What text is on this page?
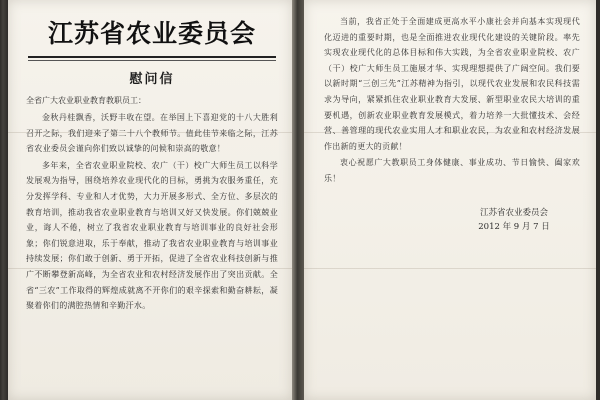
江苏省农业委员会
慰问信
全省广大农业职业教育教职员工：

金秋丹桂飘香，沃野丰收在望。在举国上下喜迎党的十八大胜利召开之际，我们迎来了第二十八个教师节。值此佳节来临之际，江苏省农业委员会谨向你们致以诚挚的问候和崇高的敬意！

多年来，全省农业职业院校、农广（干）校广大师生员工以科学发展观为指导，围绕培养农业现代化的目标，勇挑为农服务重任，充分发挥学科、专业和人才优势，大力开展多形式、全方位、多层次的教育培训，推动我省农业职业教育与培训又好又快发展。你们兢兢业业，诲人不倦，树立了我省农业职业教育与培训事业的良好社会形象；你们锐意进取，乐于奉献，推动了我省农业职业教育与培训事业持续发展；你们敢于创新、勇于开拓，促进了全省农业科技创新与推广不断攀登新高峰，为全省农业和农村经济发展作出了突出贡献。全省“三农”工作取得的辉煌成就离不开你们的艰辛探索和勤奋耕耘，凝聚着你们的满腔热情和辛勤汗水。

当前，我省正处于全面建成更高水平小康社会并向基本实现现代化迈进的重要时期，也是全面推进农业现代化建设的关键阶段。率先实现农业现代化的总体目标和伟大实践，为全省农业职业院校、农广（干）校广大师生员工施展才华、实现理想提供了广阔空间。我们要以新时期“三创三先”江苏精神为指引，以现代农业发展和农民科技需求为导向，紧紧抓住农业职业教育大发展、新型职业农民大培训的重要机遇，创新农业职业教育发展模式，着力培养一大批懂技术、会经营、善管理的现代农业实用人才和职业农民，为农业和农村经济发展作出新的更大的贡献！

衷心祝愿广大教职员工身体健康、事业成功、节日愉快、阖家欢乐！

江苏省农业委员会
2012 年 9 月 7 日
